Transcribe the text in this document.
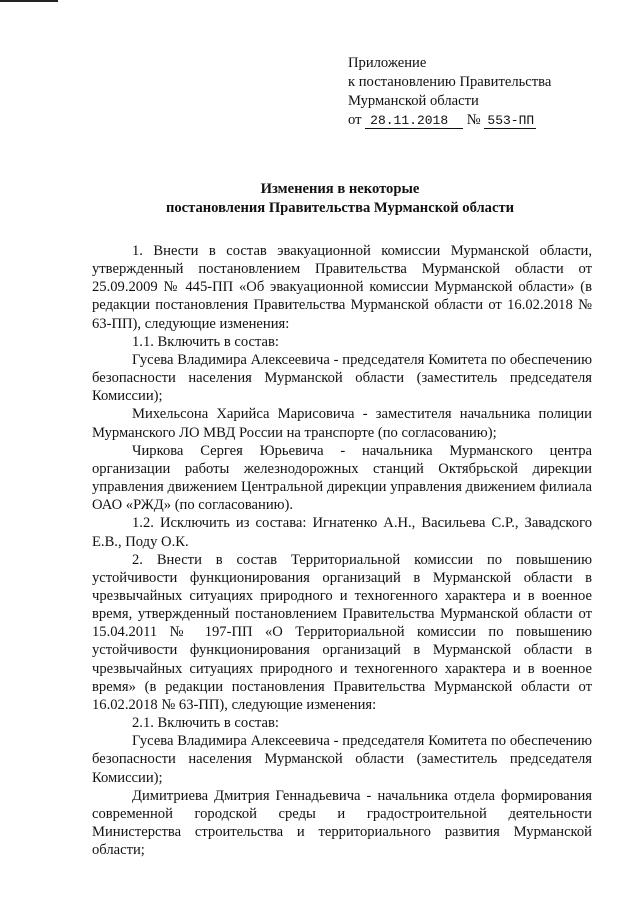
Приложение
к постановлению Правительства
Мурманской области
от 28.11.2018 № 553-ПП
Изменения в некоторые
постановления Правительства Мурманской области

1. Внести в состав эвакуационной комиссии Мурманской области, утвержденный постановлением Правительства Мурманской области от 25.09.2009 № 445-ПП «Об эвакуационной комиссии Мурманской области» (в редакции постановления Правительства Мурманской области от 16.02.2018 № 63-ПП), следующие изменения:

1.1. Включить в состав:

Гусева Владимира Алексеевича - председателя Комитета по обеспечению безопасности населения Мурманской области (заместитель председателя Комиссии);

Михельсона Харийса Марисовича - заместителя начальника полиции Мурманского ЛО МВД России на транспорте (по согласованию);

Чиркова Сергея Юрьевича - начальника Мурманского центра организации работы железнодорожных станций Октябрьской дирекции управления движением Центральной дирекции управления движением филиала ОАО «РЖД» (по согласованию).

1.2. Исключить из состава: Игнатенко А.Н., Васильева С.Р., Завадского Е.В., Поду О.К.

2. Внести в состав Территориальной комиссии по повышению устойчивости функционирования организаций в Мурманской области в чрезвычайных ситуациях природного и техногенного характера и в военное время, утвержденный постановлением Правительства Мурманской области от 15.04.2011 № 197-ПП «О Территориальной комиссии по повышению устойчивости функционирования организаций в Мурманской области в чрезвычайных ситуациях природного и техногенного характера и в военное время» (в редакции постановления Правительства Мурманской области от 16.02.2018 № 63-ПП), следующие изменения:

2.1. Включить в состав:

Гусева Владимира Алексеевича - председателя Комитета по обеспечению безопасности населения Мурманской области (заместитель председателя Комиссии);

Димитриева Дмитрия Геннадьевича - начальника отдела формирования современной городской среды и градостроительной деятельности Министерства строительства и территориального развития Мурманской области;
